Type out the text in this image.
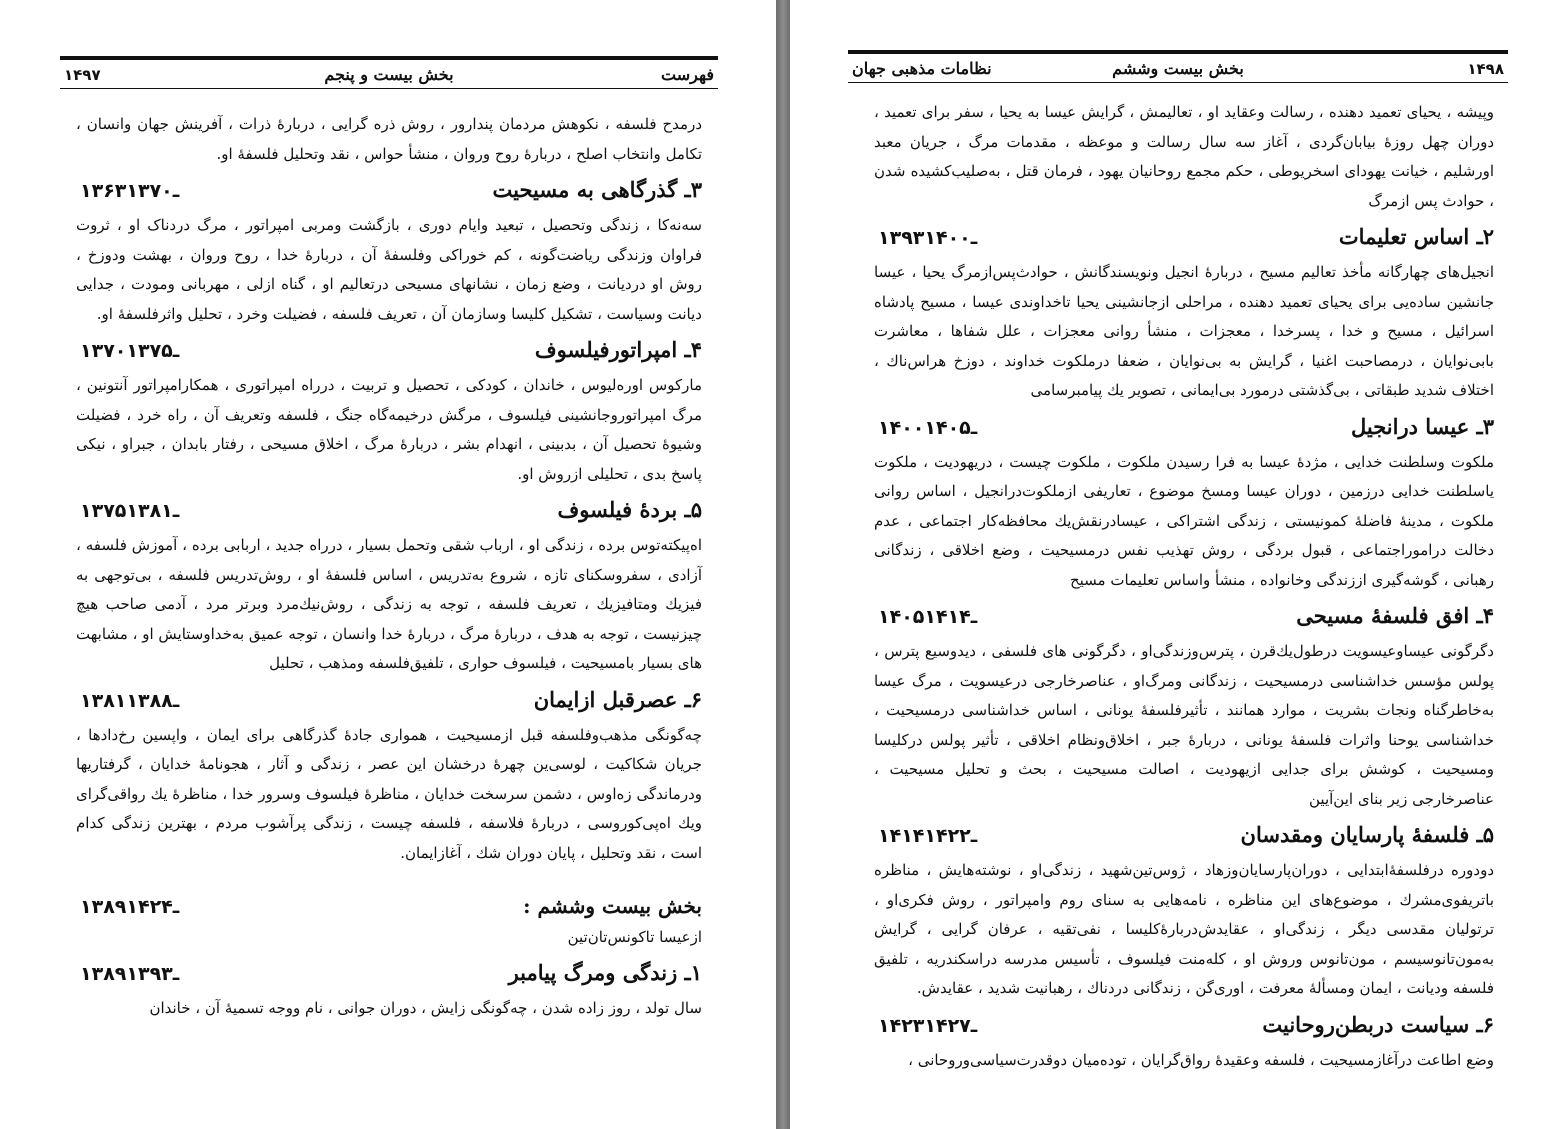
۱۴۹۷	بخش بیست و پنجم	فهرست

درمدح فلسفه ، نکوهش مردمان پندارور ، روش ذره گرایی ، دربارهٔ ذرات ، آفرینش جهان وانسان ، تکامل وانتخاب اصلح ، دربارهٔ روح وروان ، منشأ حواس ، نقد وتحلیل فلسفهٔ او.

۳ـ گذرگاهی به مسیحیت
۱۳۶۳ـ۱۳۷۰

سه‌نه‌کا ، زندگی وتحصیل ، تبعید وایام دوری ، بازگشت ومربی امپراتور ، مرگ دردناک او ، ثروت فراوان وزندگی ریاضت‌گونه ، کم خوراکی وفلسفهٔ آن ، دربارهٔ خدا ، روح وروان ، بهشت ودوزخ ، روش او دردیانت ، وضع زمان ، نشانهای مسیحی درتعالیم او ، گناه ازلی ، مهربانی ومودت ، جدایی دیانت وسیاست ، تشکیل کلیسا وسازمان آن ، تعریف فلسفه ، فضیلت وخرد ، تحلیل واثرفلسفهٔ او.

۴ـ امپراتورفیلسوف
۱۳۷۰ـ۱۳۷۵

مارکوس اورەلیوس ، خاندان ، کودکی ، تحصیل و تربیت ، درراه امپراتوری ، همکارامپراتور آنتونین ، مرگ امپراتوروجانشینی فیلسوف ، مرگش درخیمه‌گاه جنگ ، فلسفه وتعریف آن ، راه خرد ، فضیلت وشیوهٔ تحصیل آن ، بدبینی ، انهدام بشر ، دربارهٔ مرگ ، اخلاق مسیحی ، رفتار بابدان ، جبراو ، نیکی پاسخ بدی ، تحلیلی ازروش او.

۵ـ بردهٔ فیلسوف
۱۳۷۵ـ۱۳۸۱

اەپیکتەتوس برده ، زندگی او ، ارباب شقی وتحمل بسیار ، درراه جدید ، اربابی برده ، آموزش فلسفه ، آزادی ، سفروسکنای تازه ، شروع به‌تدریس ، اساس فلسفهٔ او ، روش‌تدریس فلسفه ، بی‌توجهی به فیزیك ومتافیزیك ، تعریف فلسفه ، توجه به زندگی ، روش‌نیك‌مرد وبرتر مرد ، آدمی صاحب هیچ چیزنیست ، توجه به هدف ، دربارهٔ مرگ ، دربارهٔ خدا وانسان ، توجه عمیق به‌خداوستایش او ، مشابهت های بسیار بامسیحیت ، فیلسوف حواری ، تلفیق‌فلسفه ومذهب ، تحلیل

۶ـ عصرقبل ازایمان
۱۳۸۱ـ۱۳۸۸

چه‌گونگی مذهب‌وفلسفه قبل ازمسیحیت ، هموارى جادهٔ گذرگاهی برای ایمان ، واپسین رخ‌دادها ، جریان شکاکیت ، لوسی‌ین چهرهٔ درخشان این عصر ، زندگی و آثار ، هجونامهٔ خدایان ، گرفتاریها ودرماندگی زەاوس ، دشمن سرسخت خدایان ، مناظرهٔ فیلسوف وسرور خدا ، مناظرهٔ یك رواقی‌گرای ویك اەپی‌کوروسی ، دربارهٔ فلاسفه ، فلسفه چیست ، زندگی پرآشوب مردم ، بهترین زندگی کدام است ، نقد وتحلیل ، پایان دوران شك ، آغازایمان.

بخش بیست وششم :
۱۳۸۹ـ۱۴۲۴

ازعیسا تاکونس‌تان‌تین

۱ـ زندگی ومرگ پیامبر
۱۳۸۹ـ۱۳۹۳

سال تولد ، روز زاده شدن ، چه‌گونگی زایش ، دوران جوانی ، نام ووجه تسمیهٔ آن ، خاندان

نظامات مذهبی جهان	بخش بیست وششم	۱۴۹۸

وپیشه ، یحیای تعمید دهنده ، رسالت وعقاید او ، تعالیمش ، گرایش عیسا به یحیا ، سفر برای تعمید ، دوران چهل روزهٔ بیابان‌گردی ، آغاز سه سال رسالت و موعظه ، مقدمات مرگ ، جریان معبد اورشلیم ، خیانت یهودای اسخریوطی ، حکم مجمع روحانیان یهود ، فرمان قتل ، به‌صلیب‌کشیده شدن ، حوادث پس ازمرگ

۲ـ اساس تعلیمات
۱۳۹۳ـ۱۴۰۰

انجیل‌های چهارگانه مأخذ تعالیم مسیح ، دربارهٔ انجیل ونویسندگانش ، حوادث‌پس‌ازمرگ یحیا ، عیسا جانشین ساده‌یی برای یحیای تعمید دهنده ، مراحلی ازجانشینی یحیا تاخداوندی عیسا ، مسیح پادشاه اسرائیل ، مسیح و خدا ، پسرخدا ، معجزات ، منشأ روانی معجزات ، علل شفاها ، معاشرت بابی‌نوایان ، درمصاحبت اغنیا ، گرایش به بی‌نوایان ، ضعفا درملکوت خداوند ، دوزخ هراس‌ناك ، اختلاف شدید طبقاتی ، بی‌گذشتی درمورد بی‌ایمانی ، تصویر یك پیامبرسامی

۳ـ عیسا درانجیل
۱۴۰۰ـ۱۴۰۵

ملکوت وسلطنت خدایی ، مژدهٔ عیسا به فرا رسیدن ملکوت ، ملکوت چیست ، دریهودیت ، ملکوت یاسلطنت خدایی درزمین ، دوران عیسا ومسخ موضوع ، تعاریفی ازملکوت‌درانجیل ، اساس روانی ملکوت ، مدینهٔ فاضلهٔ کمونیستی ، زندگی اشتراکی ، عیسادرنقش‌یك محافظه‌کار اجتماعی ، عدم دخالت درامور‌اجتماعی ، قبول بردگی ، روش تهذیب نفس درمسیحیت ، وضع اخلاقی ، زندگانی رهبانی ، گوشه‌گیری اززندگی وخانواده ، منشأ واساس تعلیمات مسیح

۴ـ افق فلسفهٔ مسیحی
۱۴۰۵ـ۱۴۱۴

دگرگونی عیساوعیسویت درطول‌یك‌قرن ، پترس‌وزندگی‌او ، دگرگونی های فلسفی ، دیدوسیع پترس ، پولس مؤسس خداشناسی درمسیحیت ، زندگانی ومرگ‌او ، عناصرخارجی درعیسویت ، مرگ عیسا به‌خاطرگناه ونجات بشریت ، موارد همانند ، تأثیرفلسفهٔ یونانی ، اساس خداشناسی درمسیحیت ، خداشناسی یوحنا واثرات فلسفهٔ یونانی ، دربارهٔ جبر ، اخلاق‌ونظام اخلاقی ، تأثیر پولس درکلیسا ومسیحیت ، کوشش برای جدایی ازیهودیت ، اصالت مسیحیت ، بحث و تحلیل مسیحیت ، عناصرخارجی زیر بنای این‌آیین

۵ـ فلسفهٔ پارسایان ومقدسان
۱۴۱۴ـ۱۴۲۲

دودوره درفلسفهٔ‌ابتدایی ، دوران‌پارسایان‌وزهاد ، ژوس‌تین‌شهید ، زندگی‌او ، نوشته‌هایش ، مناظره باتریفوی‌مشرك ، موضوع‌های این مناظره ، نامه‌هایی به سنای روم وامپراتور ، روش فکری‌او ، ترتولیان مقدسی دیگر ، زندگی‌او ، عقایدش‌دربارهٔ‌کلیسا ، نفی‌تقیه ، عرفان گرایی ، گرایش به‌مون‌تانوسیسم ، مون‌تانوس وروش او ، کلەمنت فیلسوف ، تأسیس مدرسه دراسکندریه ، تلفیق فلسفه ودیانت ، ایمان ومسألهٔ معرفت ، اوری‌گن ، زندگانی دردناك ، رهبانیت شدید ، عقایدش.

۶ـ سیاست دربطن‌روحانیت
۱۴۲۳ـ۱۴۲۷

وضع اطاعت درآغازمسیحیت ، فلسفه وعقیدهٔ رواق‌گرایان ، تودەمیان دوقدرت‌سیاسی‌وروحانی ،
